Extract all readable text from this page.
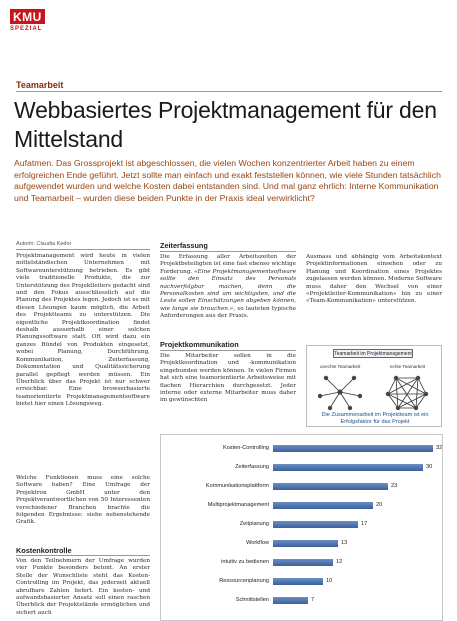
KMU
SPEZIAL
Teamarbeit
Webbasiertes Projektmanagement für den Mittelstand
Aufatmen. Das Grossprojekt ist abgeschlossen, die vielen Wochen konzentrierter Arbeit haben zu einem erfolgreichen Ende geführt. Jetzt sollte man einfach und exakt feststellen können, wie viele Stunden tatsächlich aufgewendet wurden und welche Kosten dabei entstanden sind. Und mal ganz ehrlich: Interne Kommunikation und Teamarbeit – wurden diese beiden Punkte in der Praxis ideal verwirklicht?
Autorin: Claudia Kedor
Projektmanagement wird heute in vielen mittelständischen Unternehmen mit Softwareunterstützung betrieben. Es gibt viele traditionelle Produkte, die zur Unterstützung des Projektleiters gedacht sind und den Fokus ausschliesslich auf die Planung des Projektes legen. Jedoch ist es mit diesen Lösungen kaum möglich, die Arbeit des Projektteams zu unterstützen. Die eigentliche Projektkoordination findet deshalb ausserhalb einer solchen Planungssoftware statt. Oft wird dazu ein ganzes Bündel von Produkten eingesetzt, wobei Planung, Durchführung, Kommunikation, Zeiterfassung, Dokumentation und Qualitätssicherung parallel gepflegt werden müssen. Ein Überblick über das Projekt ist nur schwer erreichbar. Eine browserbasierte teamorientierte Projektmanagementsoftware bietet hier einen Lösungsweg.
Welche Funktionen muss eine solche Software haben? Eine Umfrage der Projektron GmbH unter den Projektverantwortlichen von 50 Interessenten verschiedener Branchen brachte die folgenden Ergebnisse: siehe nebenstehende Grafik.
Kostenkontrolle
Von den Teilnehmern der Umfrage wurden vier Punkte besonders betont. An erster Stelle der Wunschliste steht das Kosten-Controlling im Projekt, das jederzeit aktuell abrufbare Zahlen liefert. Ein kosten- und aufwandsbasierter Ansatz soll einen raschen Überblick der Projektstände ermöglichen und sichert auch
Zeiterfassung
Die Erfassung aller Arbeitszeiten der Projektbeteiligten ist eine fast ebenso wichtige Forderung. «Eine Projektmanagementsoftware sollte den Einsatz des Personals nachverfolgbar machen, denn die Personalkosten sind am wichtigsten, und die Leute sollen Einschätzungen abgeben können, wie lange sie brauchen.», so lauteten typische Anforderungen aus der Praxis.
Projektkommunikation
Die Mitarbeiter sollen in die Projektkoordination und -kommunikation eingebunden werden können. In vielen Firmen hat sich eine teamorientierte Arbeitsweise mit flachen Hierarchien durchgesetzt. Jeder interne oder externe Mitarbeiter muss daher im gewünschten
Ausmass und abhängig vom Arbeitskontext Projektinformationen einsehen oder zu Planung und Koordination eines Projektes zugelassen werden können. Moderne Software muss daher den Wechsel von einer «Projektleiter-Kommunikation» hin zu einer «Team-Kommunikation» unterstützen.
Teamarbeit im Projektmanagement
unechte Teamarbeit	echte Teamarbeit
Die Zusammenarbeit im Projektteam ist ein Erfolgsfaktor für das Projekt
Kosten-Controlling	32
Zeiterfassung	30
Kommunikationsplattform	23
Multiprojektmanagement	20
Zeitplanung	17
Workflow	13
intuitiv zu bedienen	12
Ressourcenplanung	10
Schnittstellen	7
